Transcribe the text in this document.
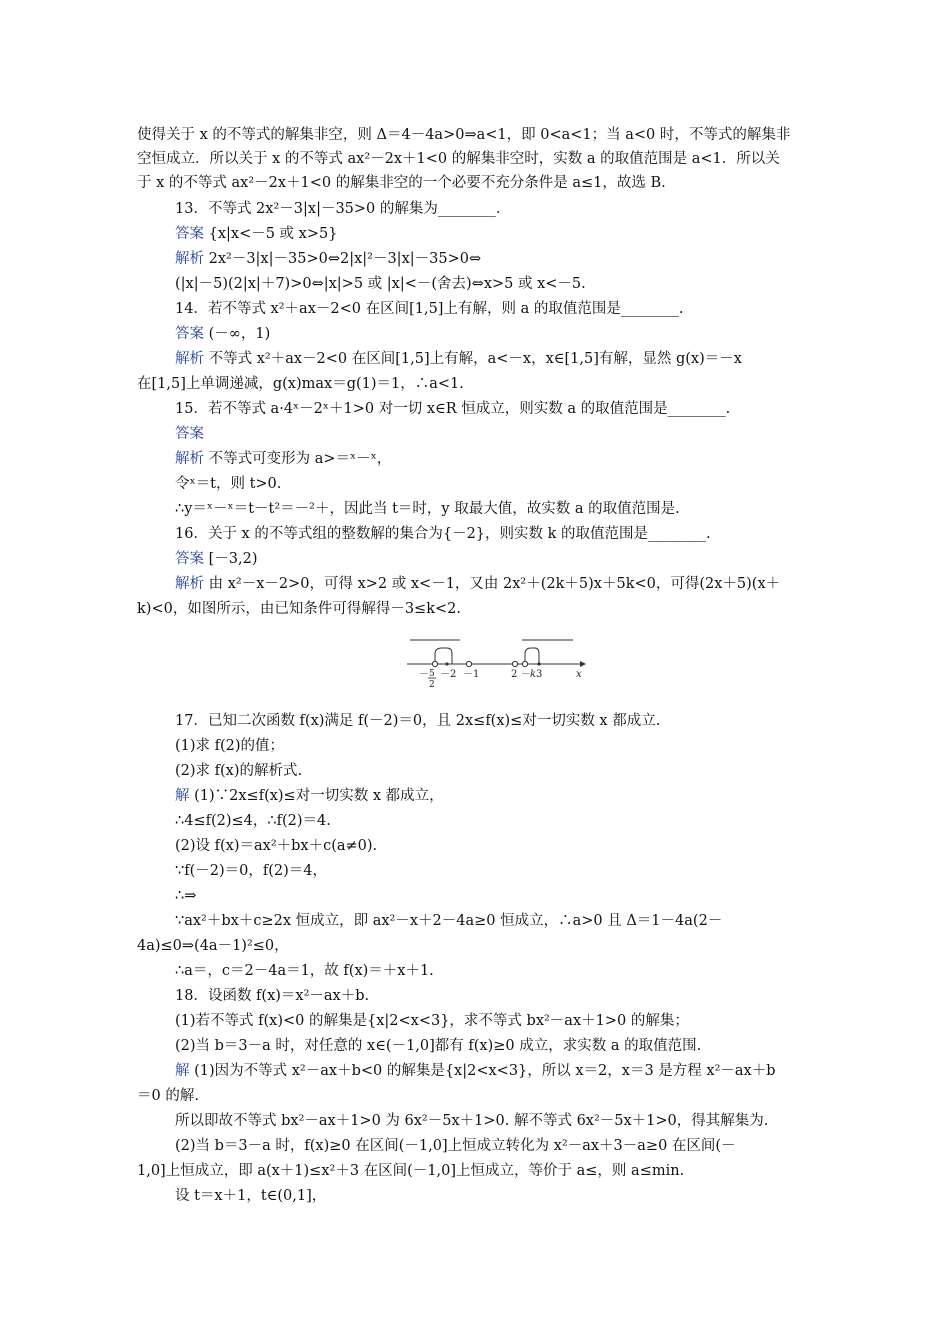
使得关于 x 的不等式的解集非空，则 Δ＝4－4a>0⇒a<1，即 0<a<1；当 a<0 时，不等式的解集非
空恒成立．所以关于 x 的不等式 ax²－2x＋1<0 的解集非空时，实数 a 的取值范围是 a<1．所以关
于 x 的不等式 ax²－2x＋1<0 的解集非空的一个必要不充分条件是 a≤1，故选 B.
13．不等式 2x²－3|x|－35>0 的解集为________．
答案 {x|x<－5 或 x>5}
解析 2x²－3|x|－35>0⇔2|x|²－3|x|－35>0⇔
(|x|－5)(2|x|＋7)>0⇔|x|>5 或 |x|<－(舍去)⇔x>5 或 x<－5.
14．若不等式 x²＋ax－2<0 在区间[1,5]上有解，则 a 的取值范围是________.
答案 (－∞，1)
解析 不等式 x²＋ax－2<0 在区间[1,5]上有解，a<－x，x∈[1,5]有解，显然 g(x)＝－x
在[1,5]上单调递减，g(x)max＝g(1)＝1，∴a<1.
15．若不等式 a·4ˣ－2ˣ＋1>0 对一切 x∈R 恒成立，则实数 a 的取值范围是________.
答案
解析 不等式可变形为 a>＝ˣ－ˣ，
令ˣ＝t，则 t>0.
∴y＝ˣ－ˣ＝t－t²＝－²＋，因此当 t＝时，y 取最大值，故实数 a 的取值范围是.
16．关于 x 的不等式组的整数解的集合为{－2}，则实数 k 的取值范围是________.
答案 [－3,2)
解析 由 x²－x－2>0，可得 x>2 或 x<－1，又由 2x²＋(2k＋5)x＋5k<0，可得(2x＋5)(x＋
k)<0，如图所示，由已知条件可得解得－3≤k<2.
17．已知二次函数 f(x)满足 f(－2)＝0，且 2x≤f(x)≤对一切实数 x 都成立.
(1)求 f(2)的值；
(2)求 f(x)的解析式.
解 (1)∵2x≤f(x)≤对一切实数 x 都成立，
∴4≤f(2)≤4，∴f(2)＝4.
(2)设 f(x)＝ax²＋bx＋c(a≠0).
∵f(－2)＝0，f(2)＝4，
∴⇒
∵ax²＋bx＋c≥2x 恒成立，即 ax²－x＋2－4a≥0 恒成立，∴a>0 且 Δ＝1－4a(2－
4a)≤0⇒(4a－1)²≤0，
∴a＝，c＝2－4a＝1，故 f(x)＝＋x＋1.
18．设函数 f(x)＝x²－ax＋b.
(1)若不等式 f(x)<0 的解集是{x|2<x<3}，求不等式 bx²－ax＋1>0 的解集；
(2)当 b＝3－a 时，对任意的 x∈(－1,0]都有 f(x)≥0 成立，求实数 a 的取值范围.
解 (1)因为不等式 x²－ax＋b<0 的解集是{x|2<x<3}，所以 x＝2，x＝3 是方程 x²－ax＋b
＝0 的解.
所以即故不等式 bx²－ax＋1>0 为 6x²－5x＋1>0. 解不等式 6x²－5x＋1>0，得其解集为.
(2)当 b＝3－a 时，f(x)≥0 在区间(－1,0]上恒成立转化为 x²－ax＋3－a≥0 在区间(－
1,0]上恒成立，即 a(x＋1)≤x²＋3 在区间(－1,0]上恒成立，等价于 a≤，则 a≤min.
设 t＝x＋1，t∈(0,1]，
－ 5
2
－2 －1	2 －k 3	x
